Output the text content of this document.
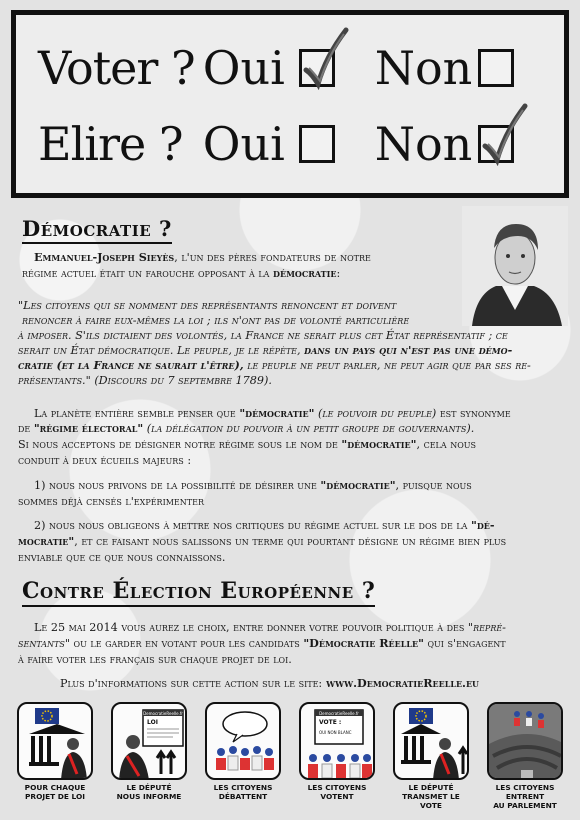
Voter ? Oui	Non
Elire ? Oui	Non
Démocratie ?
Emmanuel-Joseph Sieyès, l'un des pères fondateurs de notre
régime actuel était un farouche opposant à la démocratie:
"Les citoyens qui se nomment des représentants renoncent et doivent
renoncer à faire eux-mêmes la loi ; ils n'ont pas de volonté particulière
à imposer. S'ils dictaient des volontés, la France ne serait plus cet État représentatif ; ce
serait un État démocratique. Le peuple, je le répète, dans un pays qui n'est pas une démo-
cratie (et la France ne saurait l'être), le peuple ne peut parler, ne peut agir que par ses re-
présentants." (Discours du 7 septembre 1789).
La planète entière semble penser que "démocratie" (le pouvoir du peuple) est synonyme
de "régime électoral" (la délégation du pouvoir à un petit groupe de gouvernants).
Si nous acceptons de désigner notre régime sous le nom de "démocratie", cela nous
conduit à deux écueils majeurs :
1) nous nous privons de la possibilité de désirer une "démocratie", puisque nous
sommes déjà censés l'expérimenter
2) nous nous obligeons à mettre nos critiques du régime actuel sur le dos de la "dé-
mocratie", et ce faisant nous salissons un terme qui pourtant désigne un régime bien plus
enviable que ce que nous connaissons.
Contre Élection Européenne ?
Le 25 mai 2014 vous aurez le choix, entre donner votre pouvoir politique à des "repré-
sentants" ou le garder en votant pour les candidats "Démocratie Réelle" qui s'engagent
à faire voter les français sur chaque projet de loi.
Plus d'informations sur cette action sur le site: www.DemocratieReelle.eu
POUR CHAQUE
PROJET DE LOI
DemocratieReelle.fr
LOI
LE DÉPUTÉ
NOUS INFORME
LES CITOYENS
DÉBATTENT
DemocratieReelle.fr
VOTE :
OUI NON BLANC
LES CITOYENS
VOTENT
LE DÉPUTÉ
TRANSMET LE VOTE
LES CITOYENS ENTRENT
AU PARLEMENT
